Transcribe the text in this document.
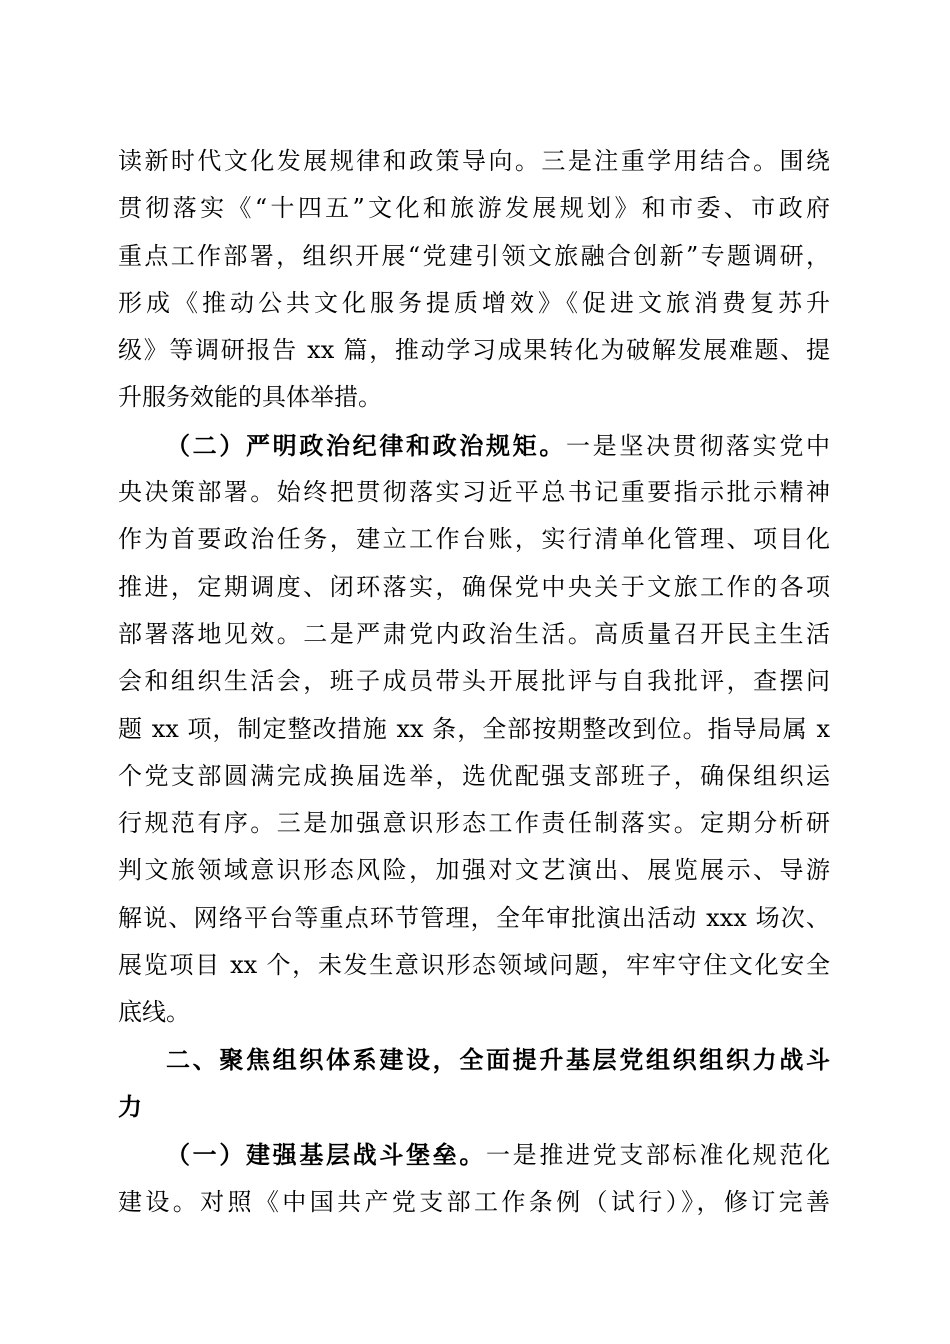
读新时代文化发展规律和政策导向。三是注重学用结合。围绕
贯彻落实《“十四五”文化和旅游发展规划》和市委、市政府
重点工作部署，组织开展“党建引领文旅融合创新”专题调研，
形成《推动公共文化服务提质增效》《促进文旅消费复苏升
级》等调研报告 xx 篇，推动学习成果转化为破解发展难题、提
升服务效能的具体举措。
（二）严明政治纪律和政治规矩。一是坚决贯彻落实党中
央决策部署。始终把贯彻落实习近平总书记重要指示批示精神
作为首要政治任务，建立工作台账，实行清单化管理、项目化
推进，定期调度、闭环落实，确保党中央关于文旅工作的各项
部署落地见效。二是严肃党内政治生活。高质量召开民主生活
会和组织生活会，班子成员带头开展批评与自我批评，查摆问
题 xx 项，制定整改措施 xx 条，全部按期整改到位。指导局属 x
个党支部圆满完成换届选举，选优配强支部班子，确保组织运
行规范有序。三是加强意识形态工作责任制落实。定期分析研
判文旅领域意识形态风险，加强对文艺演出、展览展示、导游
解说、网络平台等重点环节管理，全年审批演出活动 xxx 场次、
展览项目 xx 个，未发生意识形态领域问题，牢牢守住文化安全
底线。
二、聚焦组织体系建设，全面提升基层党组织组织力战斗
力
（一）建强基层战斗堡垒。一是推进党支部标准化规范化
建设。对照《中国共产党支部工作条例（试行）》，修订完善
